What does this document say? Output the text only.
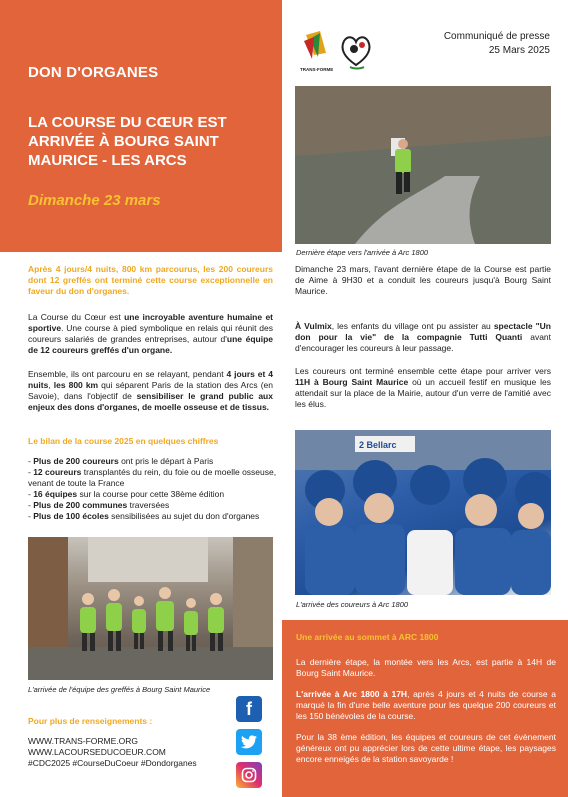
DON D'ORGANES
LA COURSE DU CŒUR EST ARRIVÉE À BOURG SAINT MAURICE - LES ARCS
Dimanche 23 mars

Après 4 jours/4 nuits, 800 km parcourus, les 200 coureurs dont 12 greffés ont terminé cette course exceptionnelle en faveur du don d'organes.

La Course du Cœur est une incroyable aventure humaine et sportive. Une course à pied symbolique en relais qui réunit des coureurs salariés de grandes entreprises, autour d'une équipe de 12 coureurs greffés d'un organe.

Ensemble, ils ont parcouru en se relayant, pendant 4 jours et 4 nuits, les 800 km qui séparent Paris de la station des Arcs (en Savoie), dans l'objectif de sensibiliser le grand public aux enjeux des dons d'organes, de moelle osseuse et de tissus.

Le bilan de la course 2025 en quelques chiffres
- Plus de 200 coureurs ont pris le départ à Paris
- 12 coureurs transplantés du rein, du foie ou de moelle osseuse, venant de toute la France
- 16 équipes sur la course pour cette 38ème édition
- Plus de 200 communes traversées
- Plus de 100 écoles sensibilisées au sujet du don d'organes
L'arrivée de l'équipe des greffés à Bourg Saint Maurice
Pour plus de renseignements :
WWW.TRANS-FORME.ORG
WWW.LACOURSEDUCOEUR.COM
#CDC2025 #CourseDuCoeur #Dondorganes
f
TRANS-FORME
Communiqué de presse
25 Mars 2025
Dernière étape vers l'arrivée à Arc 1800

Dimanche 23 mars, l'avant dernière étape de la Course est partie de Aime à 9H30 et a conduit les coureurs jusqu'à Bourg Saint Maurice.

À Vulmix, les enfants du village ont pu assister au spectacle "Un don pour la vie" de la compagnie Tutti Quanti avant d'encourager les coureurs à leur passage.

Les coureurs ont terminé ensemble cette étape pour arriver vers 11H à Bourg Saint Maurice où un accueil festif en musique les attendait sur la place de la Mairie, autour d'un verre de l'amitié avec les élus.

2 Bellarc
L'arrivée des coureurs à Arc 1800
Une arrivée au sommet à ARC 1800

La dernière étape, la montée vers les Arcs, est partie à 14H de Bourg Saint Maurice.

L'arrivée à Arc 1800 à 17H, après 4 jours et 4 nuits de course a marqué la fin d'une belle aventure pour les quelque 200 coureurs et les 150 bénévoles de la course.

Pour la 38 ème édition, les équipes et coureurs de cet évènement généreux ont pu apprécier lors de cette ultime étape, les paysages encore enneigés de la station savoyarde !
